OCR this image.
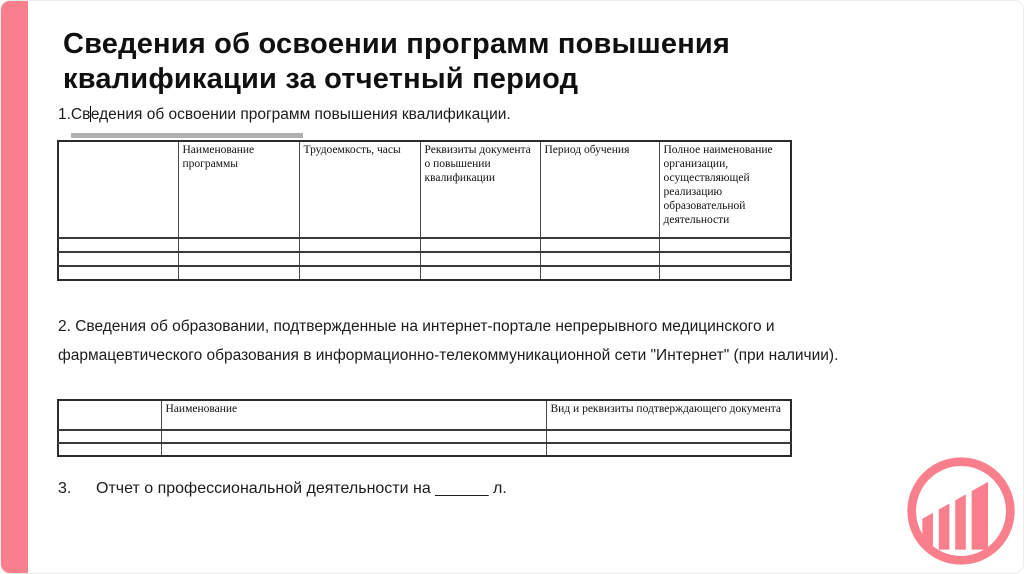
Сведения об освоении программ повышения квалификации за отчетный период

1.Сведения об освоении программ повышения квалификации.

	Наименование программы	Трудоемкость, часы	Реквизиты документа о повышении квалификации	Период обучения	Полное наименование организации, осуществляющей реализацию образовательной деятельности

2. Сведения об образовании, подтвержденные на интернет-портале непрерывного медицинского и фармацевтического образования в информационно-телекоммуникационной сети "Интернет" (при наличии).

	Наименование	Вид и реквизиты подтверждающего документа

3. Отчет о профессиональной деятельности на ______ л.
